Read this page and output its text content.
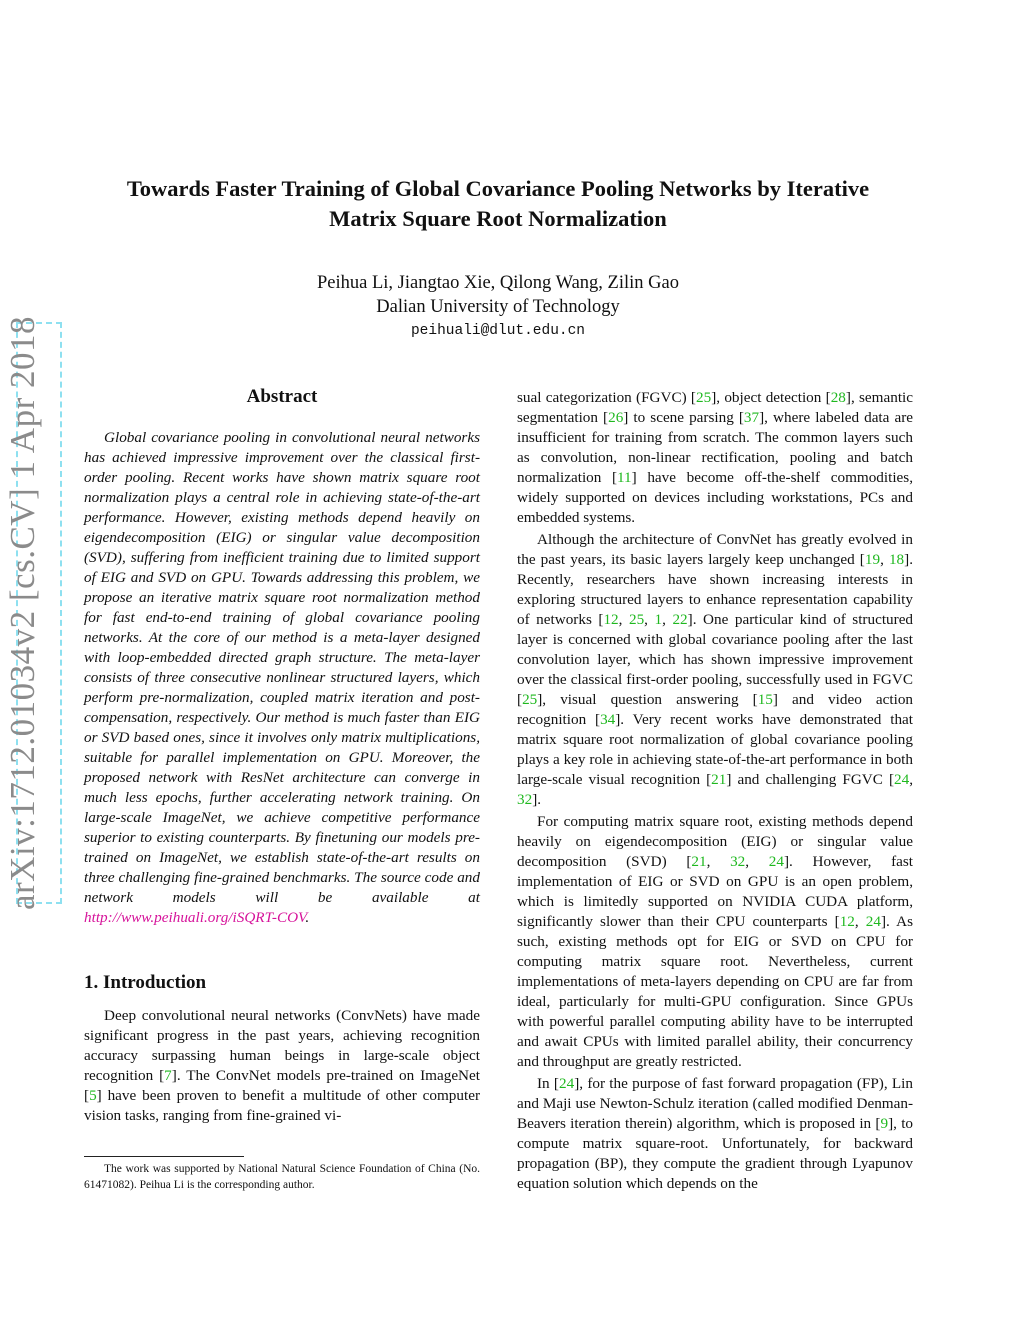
arXiv:1712.01034v2 [cs.CV] 1 Apr 2018
Towards Faster Training of Global Covariance Pooling Networks by Iterative
Matrix Square Root Normalization
Peihua Li, Jiangtao Xie, Qilong Wang, Zilin Gao
Dalian University of Technology
peihuali@dlut.edu.cn
Abstract

Global covariance pooling in convolutional neural networks has achieved impressive improvement over the classical first-order pooling. Recent works have shown matrix square root normalization plays a central role in achieving state-of-the-art performance. However, existing methods depend heavily on eigendecomposition (EIG) or singular value decomposition (SVD), suffering from inefficient training due to limited support of EIG and SVD on GPU. Towards addressing this problem, we propose an iterative matrix square root normalization method for fast end-to-end training of global covariance pooling networks. At the core of our method is a meta-layer designed with loop-embedded directed graph structure. The meta-layer consists of three consecutive nonlinear structured layers, which perform pre-normalization, coupled matrix iteration and post-compensation, respectively. Our method is much faster than EIG or SVD based ones, since it involves only matrix multiplications, suitable for parallel implementation on GPU. Moreover, the proposed network with ResNet architecture can converge in much less epochs, further accelerating network training. On large-scale ImageNet, we achieve competitive performance superior to existing counterparts. By finetuning our models pre-trained on ImageNet, we establish state-of-the-art results on three challenging fine-grained benchmarks. The source code and network models will be available at http://www.peihuali.org/iSQRT-COV.

1. Introduction

Deep convolutional neural networks (ConvNets) have made significant progress in the past years, achieving recognition accuracy surpassing human beings in large-scale object recognition [7]. The ConvNet models pre-trained on ImageNet [5] have been proven to benefit a multitude of other computer vision tasks, ranging from fine-grained vi-

The work was supported by National Natural Science Foundation of China (No. 61471082). Peihua Li is the corresponding author.

sual categorization (FGVC) [25], object detection [28], semantic segmentation [26] to scene parsing [37], where labeled data are insufficient for training from scratch. The common layers such as convolution, non-linear rectification, pooling and batch normalization [11] have become off-the-shelf commodities, widely supported on devices including workstations, PCs and embedded systems.

Although the architecture of ConvNet has greatly evolved in the past years, its basic layers largely keep unchanged [19, 18]. Recently, researchers have shown increasing interests in exploring structured layers to enhance representation capability of networks [12, 25, 1, 22]. One particular kind of structured layer is concerned with global covariance pooling after the last convolution layer, which has shown impressive improvement over the classical first-order pooling, successfully used in FGVC [25], visual question answering [15] and video action recognition [34]. Very recent works have demonstrated that matrix square root normalization of global covariance pooling plays a key role in achieving state-of-the-art performance in both large-scale visual recognition [21] and challenging FGVC [24, 32].

For computing matrix square root, existing methods depend heavily on eigendecomposition (EIG) or singular value decomposition (SVD) [21, 32, 24]. However, fast implementation of EIG or SVD on GPU is an open problem, which is limitedly supported on NVIDIA CUDA platform, significantly slower than their CPU counterparts [12, 24]. As such, existing methods opt for EIG or SVD on CPU for computing matrix square root. Nevertheless, current implementations of meta-layers depending on CPU are far from ideal, particularly for multi-GPU configuration. Since GPUs with powerful parallel computing ability have to be interrupted and await CPUs with limited parallel ability, their concurrency and throughput are greatly restricted.

In [24], for the purpose of fast forward propagation (FP), Lin and Maji use Newton-Schulz iteration (called modified Denman-Beavers iteration therein) algorithm, which is proposed in [9], to compute matrix square-root. Unfortunately, for backward propagation (BP), they compute the gradient through Lyapunov equation solution which depends on the
